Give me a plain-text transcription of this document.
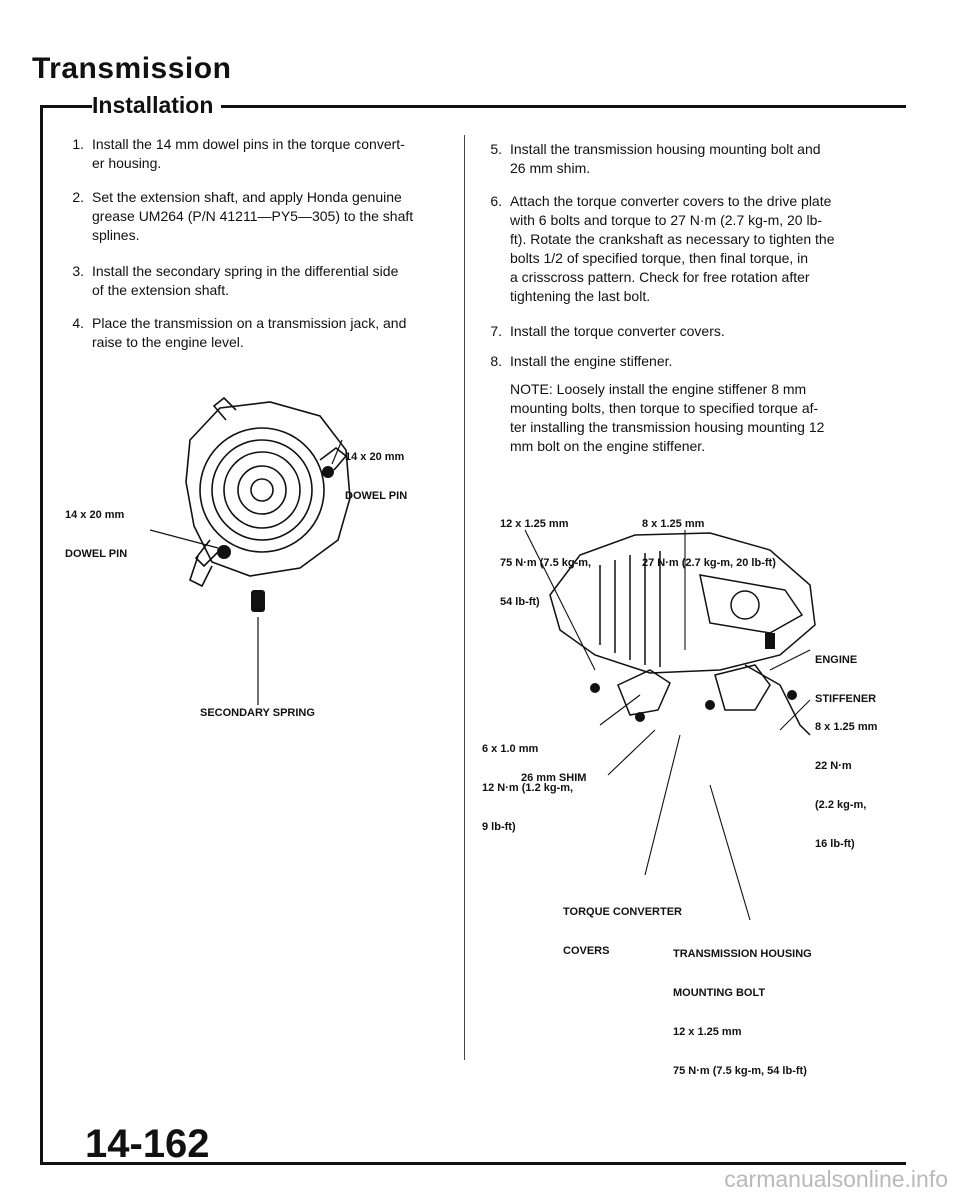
Transmission
Installation
1. Install the 14 mm dowel pins in the torque convert-
er housing.
2. Set the extension shaft, and apply Honda genuine
grease UM264 (P/N 41211—PY5—305) to the shaft
splines.
3. Install the secondary spring in the differential side
of the extension shaft.
4. Place the transmission on a transmission jack, and
raise to the engine level.
5. Install the transmission housing mounting bolt and
26 mm shim.
6. Attach the torque converter covers to the drive plate
with 6 bolts and torque to 27 N·m (2.7 kg-m, 20 lb-
ft). Rotate the crankshaft as necessary to tighten the
bolts 1/2 of specified torque, then final torque, in
a crisscross pattern. Check for free rotation after
tightening the last bolt.
7. Install the torque converter covers.
8. Install the engine stiffener.
NOTE: Loosely install the engine stiffener 8 mm
mounting bolts, then torque to specified torque af-
ter installing the transmission housing mounting 12
mm bolt on the engine stiffener.

14 x 20 mm

DOWEL PIN

14 x 20 mm

DOWEL PIN

SECONDARY SPRING

12 x 1.25 mm

75 N·m (7.5 kg-m,

54 lb-ft)

8 x 1.25 mm

27 N·m (2.7 kg-m, 20 lb-ft)

ENGINE

STIFFENER

8 x 1.25 mm

22 N·m

(2.2 kg-m,

16 lb-ft)

6 x 1.0 mm

12 N·m (1.2 kg-m,

9 lb-ft)

26 mm SHIM

TORQUE CONVERTER

COVERS

	TRANSMISSION HOUSING

MOUNTING BOLT

12 x 1.25 mm

75 N·m (7.5 kg-m, 54 lb-ft)

14-162
carmanualsonline.info
